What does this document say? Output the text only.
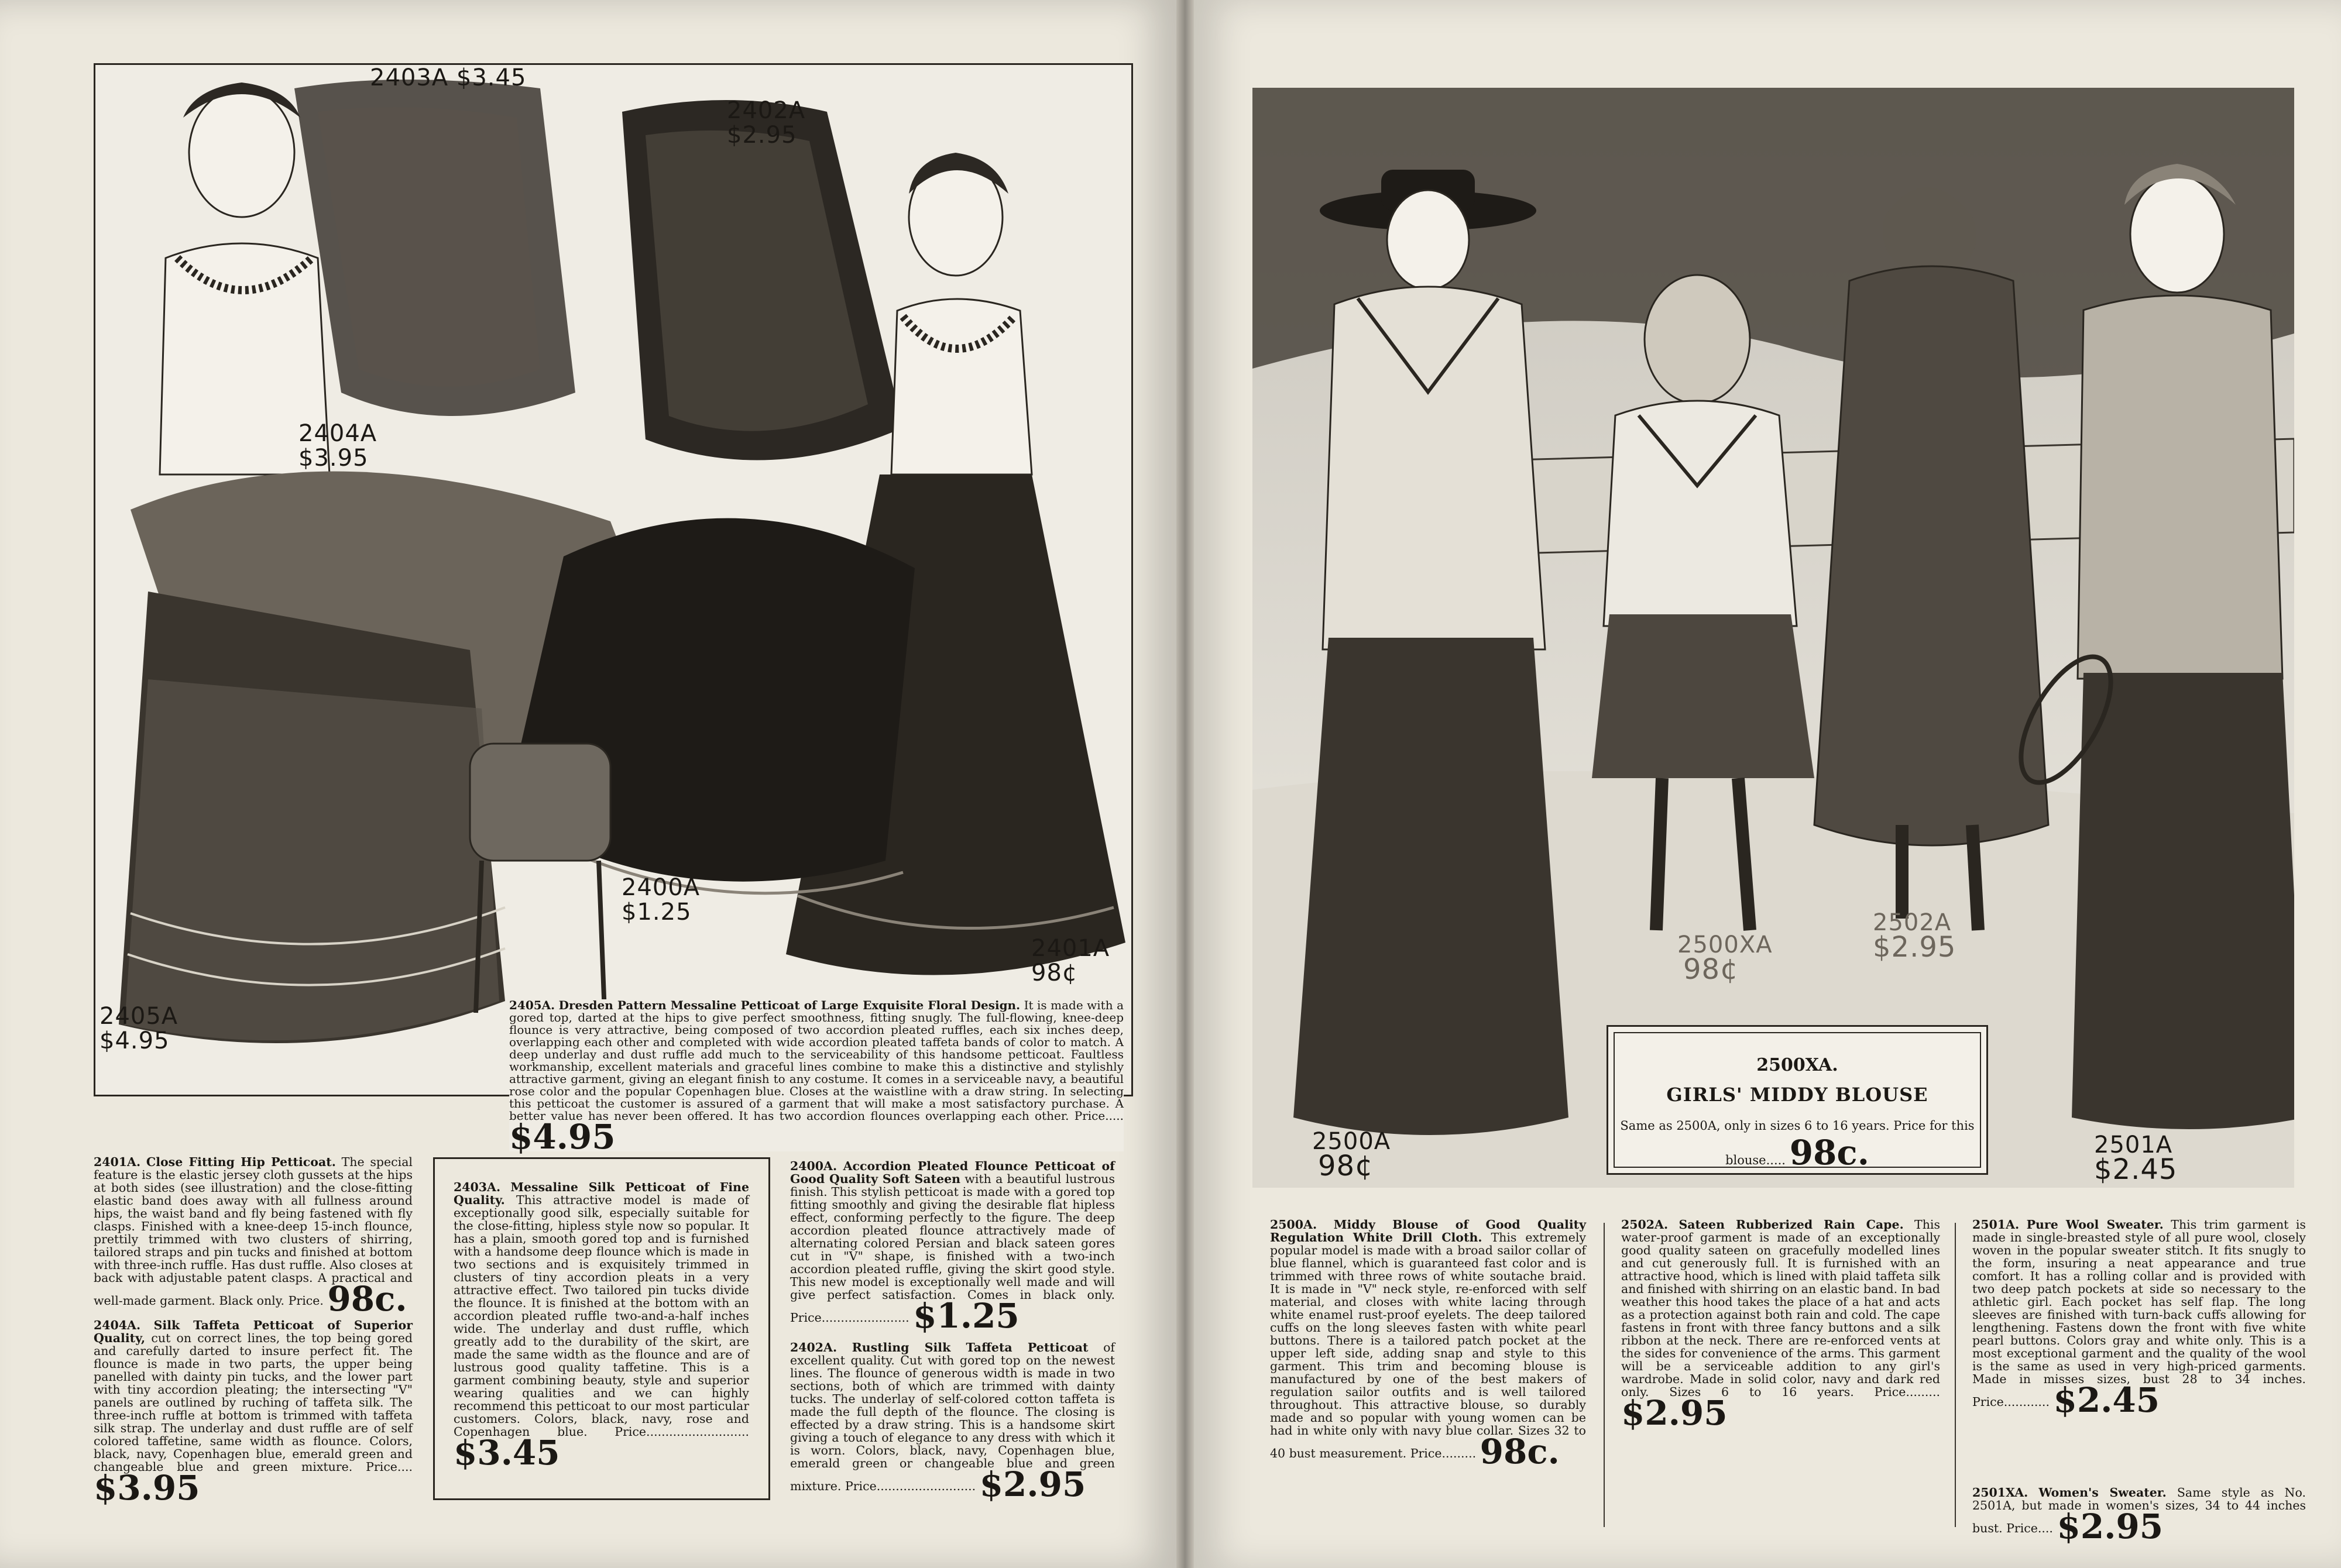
2403A $3.45
2402A
$2.95
2404A
$3.95
2400A
$1.25
2401A
98¢
2405A
$4.95
2405A. Dresden Pattern Messaline Petticoat of Large Exquisite Floral Design. It is made with a gored top, darted at the hips to give perfect smoothness, fitting snugly. The full-flowing, knee-deep flounce is very attractive, being composed of two accordion pleated ruffles, each six inches deep, overlapping each other and completed with wide accordion pleated taffeta bands of color to match. A deep underlay and dust ruffle add much to the serviceability of this handsome petticoat. Faultless workmanship, excellent materials and graceful lines combine to make this a distinctive and stylishly attractive garment, giving an elegant finish to any costume. It comes in a serviceable navy, a beautiful rose color and the popular Copenhagen blue. Closes at the waistline with a draw string. In selecting this petticoat the customer is assured of a garment that will make a most satisfactory purchase. A better value has never been offered. It has two accordion flounces overlapping each other. Price..... $4.95
2401A. Close Fitting Hip Petticoat. The special feature is the elastic jersey cloth gussets at the hips at both sides (see illustration) and the close-fitting elastic band does away with all fullness around hips, the waist band and fly being fastened with fly clasps. Finished with a knee-deep 15-inch flounce, prettily trimmed with two clusters of shirring, tailored straps and pin tucks and finished at bottom with three-inch ruffle. Has dust ruffle. Also closes at back with adjustable patent clasps. A practical and well-made garment. Black only. Price. 98c.
2404A. Silk Taffeta Petticoat of Superior Quality, cut on correct lines, the top being gored and carefully darted to insure perfect fit. The flounce is made in two parts, the upper being panelled with dainty pin tucks, and the lower part with tiny accordion pleating; the intersecting "V" panels are outlined by ruching of taffeta silk. The three-inch ruffle at bottom is trimmed with taffeta silk strap. The underlay and dust ruffle are of self colored taffetine, same width as flounce. Colors, black, navy, Copenhagen blue, emerald green and changeable blue and green mixture. Price.... $3.95
2403A. Messaline Silk Petticoat of Fine Quality. This attractive model is made of exceptionally good silk, especially suitable for the close-fitting, hipless style now so popular. It has a plain, smooth gored top and is furnished with a handsome deep flounce which is made in two sections and is exquisitely trimmed in clusters of tiny accordion pleats in a very attractive effect. Two tailored pin tucks divide the flounce. It is finished at the bottom with an accordion pleated ruffle two-and-a-half inches wide. The underlay and dust ruffle, which greatly add to the durability of the skirt, are made the same width as the flounce and are of lustrous good quality taffetine. This is a garment combining beauty, style and superior wearing qualities and we can highly recommend this petticoat to our most particular customers. Colors, black, navy, rose and Copenhagen blue. Price........................... $3.45
2400A. Accordion Pleated Flounce Petticoat of Good Quality Soft Sateen with a beautiful lustrous finish. This stylish petticoat is made with a gored top fitting smoothly and giving the desirable flat hipless effect, conforming perfectly to the figure. The deep accordion pleated flounce attractively made of alternating colored Persian and black sateen gores cut in "V" shape, is finished with a two-inch accordion pleated ruffle, giving the skirt good style. This new model is exceptionally well made and will give perfect satisfaction. Comes in black only. Price....................... $1.25
2402A. Rustling Silk Taffeta Petticoat of excellent quality. Cut with gored top on the newest lines. The flounce of generous width is made in two sections, both of which are trimmed with dainty tucks. The underlay of self-colored cotton taffeta is made the full depth of the flounce. The closing is effected by a draw string. This is a handsome skirt giving a touch of elegance to any dress with which it is worn. Colors, black, navy, Copenhagen blue, emerald green or changeable blue and green mixture. Price.......................... $2.95
2500XA
98¢
2502A
$2.95
2500A
98¢
2501A
$2.45
2500XA.
GIRLS' MIDDY BLOUSE
Same as 2500A, only in sizes 6 to 16 years. Price for this blouse..... 98c.
2500A. Middy Blouse of Good Quality Regulation White Drill Cloth. This extremely popular model is made with a broad sailor collar of blue flannel, which is guaranteed fast color and is trimmed with three rows of white soutache braid. It is made in "V" neck style, re-enforced with self material, and closes with white lacing through white enamel rust-proof eyelets. The deep tailored cuffs on the long sleeves fasten with white pearl buttons. There is a tailored patch pocket at the upper left side, adding snap and style to this garment. This trim and becoming blouse is manufactured by one of the best makers of regulation sailor outfits and is well tailored throughout. This attractive blouse, so durably made and so popular with young women can be had in white only with navy blue collar. Sizes 32 to 40 bust measurement. Price......... 98c.
2502A. Sateen Rubberized Rain Cape. This water-proof garment is made of an exceptionally good quality sateen on gracefully modelled lines and cut generously full. It is furnished with an attractive hood, which is lined with plaid taffeta silk and finished with shirring on an elastic band. In bad weather this hood takes the place of a hat and acts as a protection against both rain and cold. The cape fastens in front with three fancy buttons and a silk ribbon at the neck. There are re-enforced vents at the sides for convenience of the arms. This garment will be a serviceable addition to any girl's wardrobe. Made in solid color, navy and dark red only. Sizes 6 to 16 years. Price......... $2.95
2501A. Pure Wool Sweater. This trim garment is made in single-breasted style of all pure wool, closely woven in the popular sweater stitch. It fits snugly to the form, insuring a neat appearance and true comfort. It has a rolling collar and is provided with two deep patch pockets at side so necessary to the athletic girl. Each pocket has self flap. The long sleeves are finished with turn-back cuffs allowing for lengthening. Fastens down the front with five white pearl buttons. Colors gray and white only. This is a most exceptional garment and the quality of the wool is the same as used in very high-priced garments. Made in misses sizes, bust 28 to 34 inches. Price............ $2.45
2501XA. Women's Sweater. Same style as No. 2501A, but made in women's sizes, 34 to 44 inches bust. Price.... $2.95
